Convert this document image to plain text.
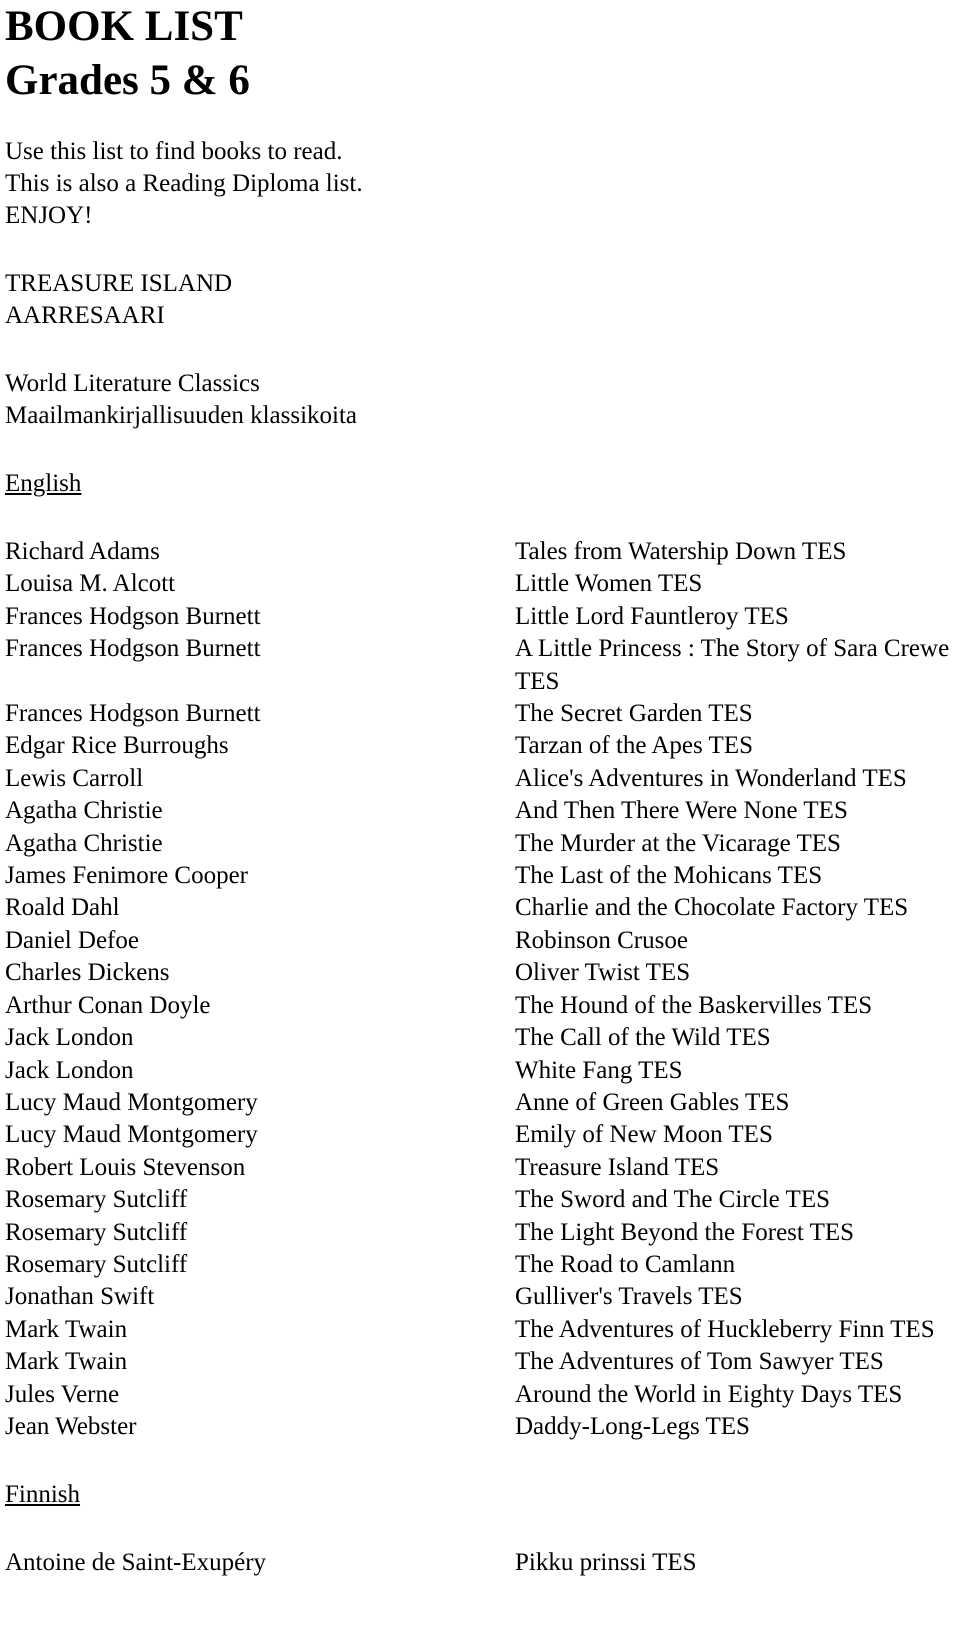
BOOK LIST
Grades 5 & 6

Use this list to find books to read.

This is also a Reading Diploma list.

ENJOY!

TREASURE ISLAND

AARRESAARI

World Literature Classics

Maailmankirjallisuuden klassikoita

English

Richard Adams	Tales from Watership Down TES
Louisa M. Alcott	Little Women TES
Frances Hodgson Burnett	Little Lord Fauntleroy TES
Frances Hodgson Burnett	A Little Princess : The Story of Sara Crewe TES
Frances Hodgson Burnett	The Secret Garden TES
Edgar Rice Burroughs	Tarzan of the Apes TES
Lewis Carroll	Alice's Adventures in Wonderland TES
Agatha Christie	And Then There Were None TES
Agatha Christie	The Murder at the Vicarage TES
James Fenimore Cooper	The Last of the Mohicans TES
Roald Dahl	Charlie and the Chocolate Factory TES
Daniel Defoe	Robinson Crusoe
Charles Dickens	Oliver Twist TES
Arthur Conan Doyle	The Hound of the Baskervilles TES
Jack London	The Call of the Wild TES
Jack London	White Fang TES
Lucy Maud Montgomery	Anne of Green Gables TES
Lucy Maud Montgomery	Emily of New Moon TES
Robert Louis Stevenson	Treasure Island TES
Rosemary Sutcliff	The Sword and The Circle TES
Rosemary Sutcliff	The Light Beyond the Forest TES
Rosemary Sutcliff	The Road to Camlann
Jonathan Swift	Gulliver's Travels TES
Mark Twain	The Adventures of Huckleberry Finn TES
Mark Twain	The Adventures of Tom Sawyer TES
Jules Verne	Around the World in Eighty Days TES
Jean Webster	Daddy-Long-Legs TES

Finnish

Antoine de Saint-Exupéry	Pikku prinssi TES
